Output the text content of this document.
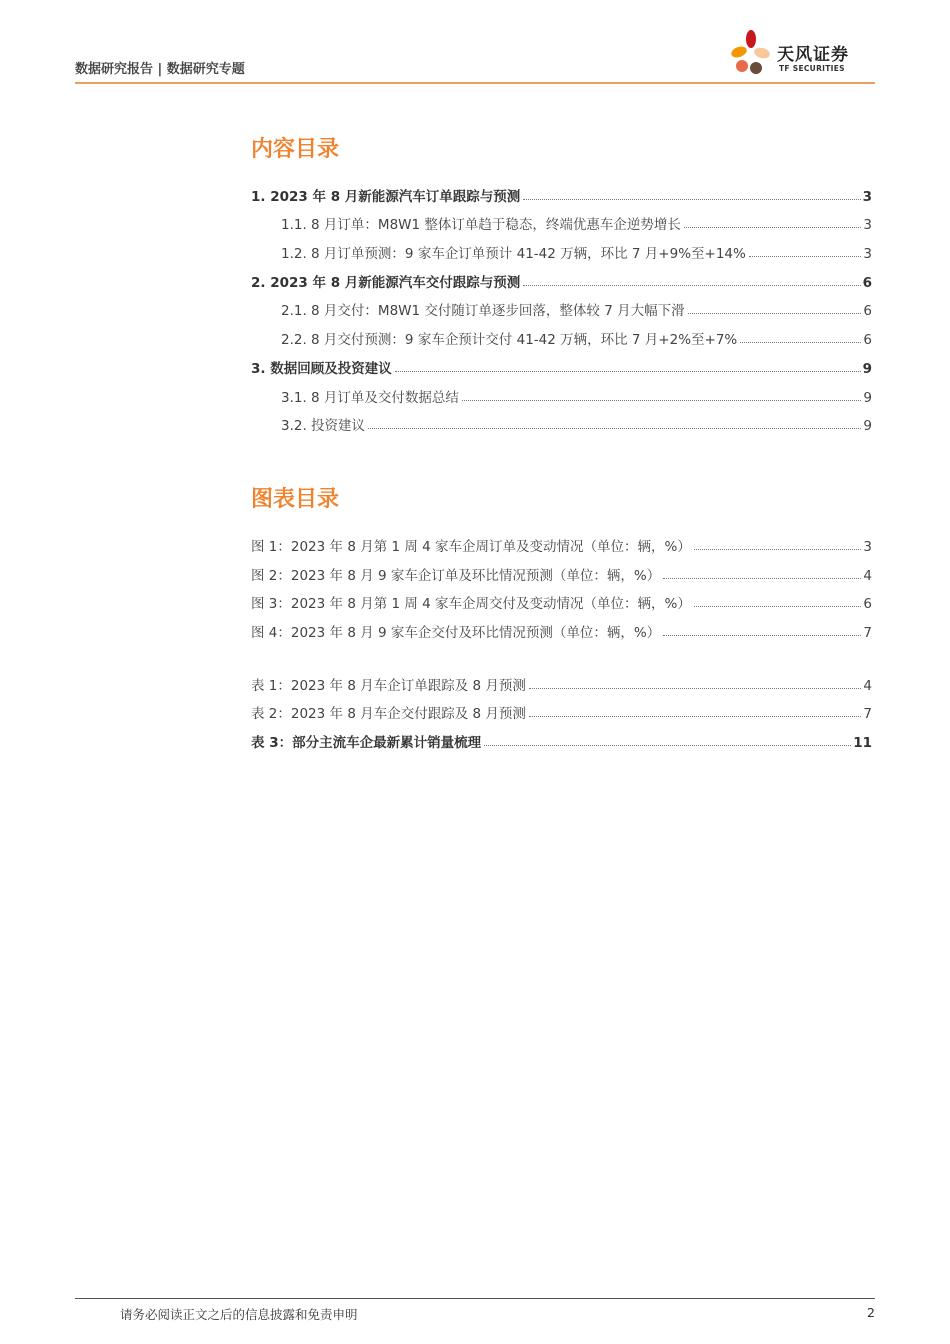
数据研究报告 | 数据研究专题
天风证券
TF SECURITIES
内容目录
1. 2023 年 8 月新能源汽车订单跟踪与预测	3
1.1. 8 月订单：M8W1 整体订单趋于稳态，终端优惠车企逆势增长	3
1.2. 8 月订单预测：9 家车企订单预计 41-42 万辆，环比 7 月+9%至+14%	3
2. 2023 年 8 月新能源汽车交付跟踪与预测	6
2.1. 8 月交付：M8W1 交付随订单逐步回落，整体较 7 月大幅下滑	6
2.2. 8 月交付预测：9 家车企预计交付 41-42 万辆，环比 7 月+2%至+7%	6
3. 数据回顾及投资建议	9
3.1. 8 月订单及交付数据总结	9
3.2. 投资建议	9
图表目录
图 1：2023 年 8 月第 1 周 4 家车企周订单及变动情况（单位：辆，%）	3
图 2：2023 年 8 月 9 家车企订单及环比情况预测（单位：辆，%）	4
图 3：2023 年 8 月第 1 周 4 家车企周交付及变动情况（单位：辆，%）	6
图 4：2023 年 8 月 9 家车企交付及环比情况预测（单位：辆，%）	7
表 1：2023 年 8 月车企订单跟踪及 8 月预测	4
表 2：2023 年 8 月车企交付跟踪及 8 月预测	7
表 3：部分主流车企最新累计销量梳理	11
请务必阅读正文之后的信息披露和免责申明	2
